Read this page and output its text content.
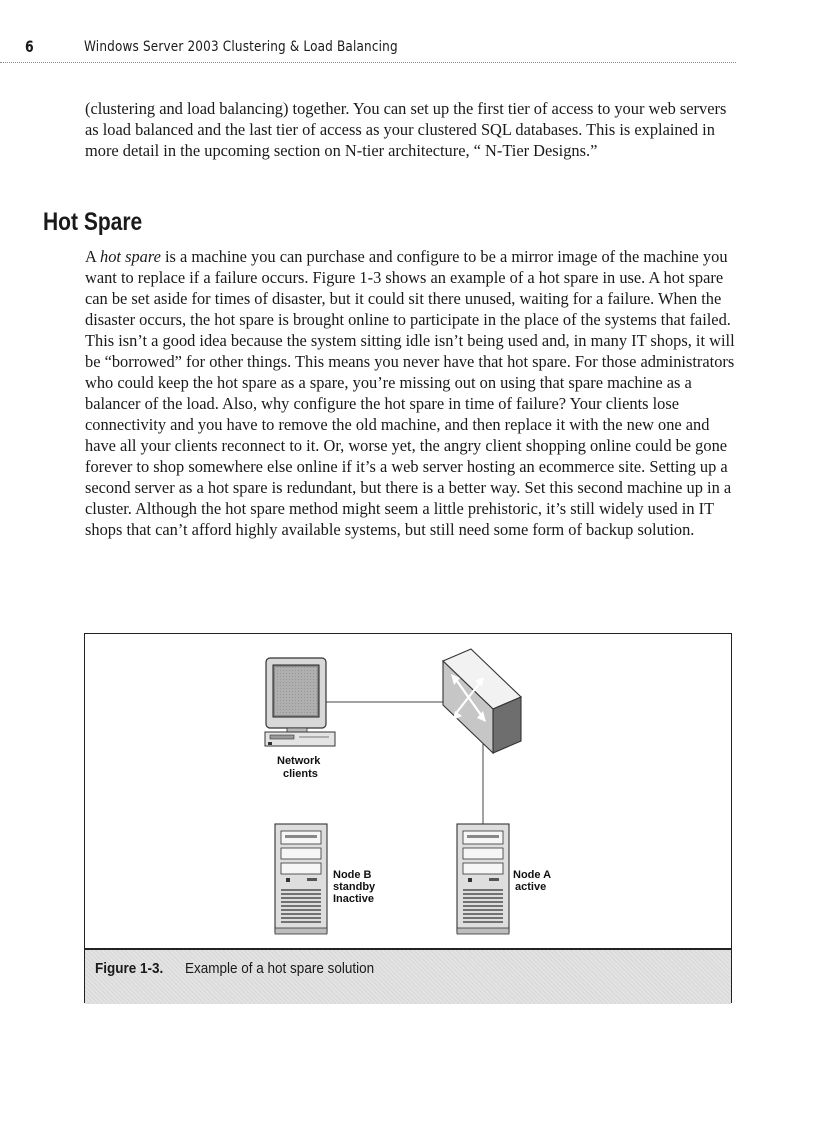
6	Windows Server 2003 Clustering & Load Balancing

(clustering and load balancing) together. You can set up the first tier of access to your web servers as load balanced and the last tier of access as your clustered SQL databases. This is explained in more detail in the upcoming section on N-tier architecture, “ N-Tier Designs.”

Hot Spare

A hot spare is a machine you can purchase and configure to be a mirror image of the machine you want to replace if a failure occurs. Figure 1-3 shows an example of a hot spare in use. A hot spare can be set aside for times of disaster, but it could sit there unused, waiting for a failure. When the disaster occurs, the hot spare is brought online to participate in the place of the systems that failed. This isn’t a good idea because the system sitting idle isn’t being used and, in many IT shops, it will be “borrowed” for other things. This means you never have that hot spare. For those administrators who could keep the hot spare as a spare, you’re missing out on using that spare machine as a balancer of the load. Also, why configure the hot spare in time of failure? Your clients lose connectivity and you have to remove the old machine, and then replace it with the new one and have all your clients reconnect to it. Or, worse yet, the angry client shopping online could be gone forever to shop somewhere else online if it’s a web server hosting an ecommerce site. Setting up a second server as a hot spare is redundant, but there is a better way. Set this second machine up in a cluster. Although the hot spare method might seem a little prehistoric, it’s still widely used in IT shops that can’t afford highly available systems, but still need some form of backup solution.

Network clients
Node B standby Inactive
Node A active
Figure 1-3. Example of a hot spare solution
